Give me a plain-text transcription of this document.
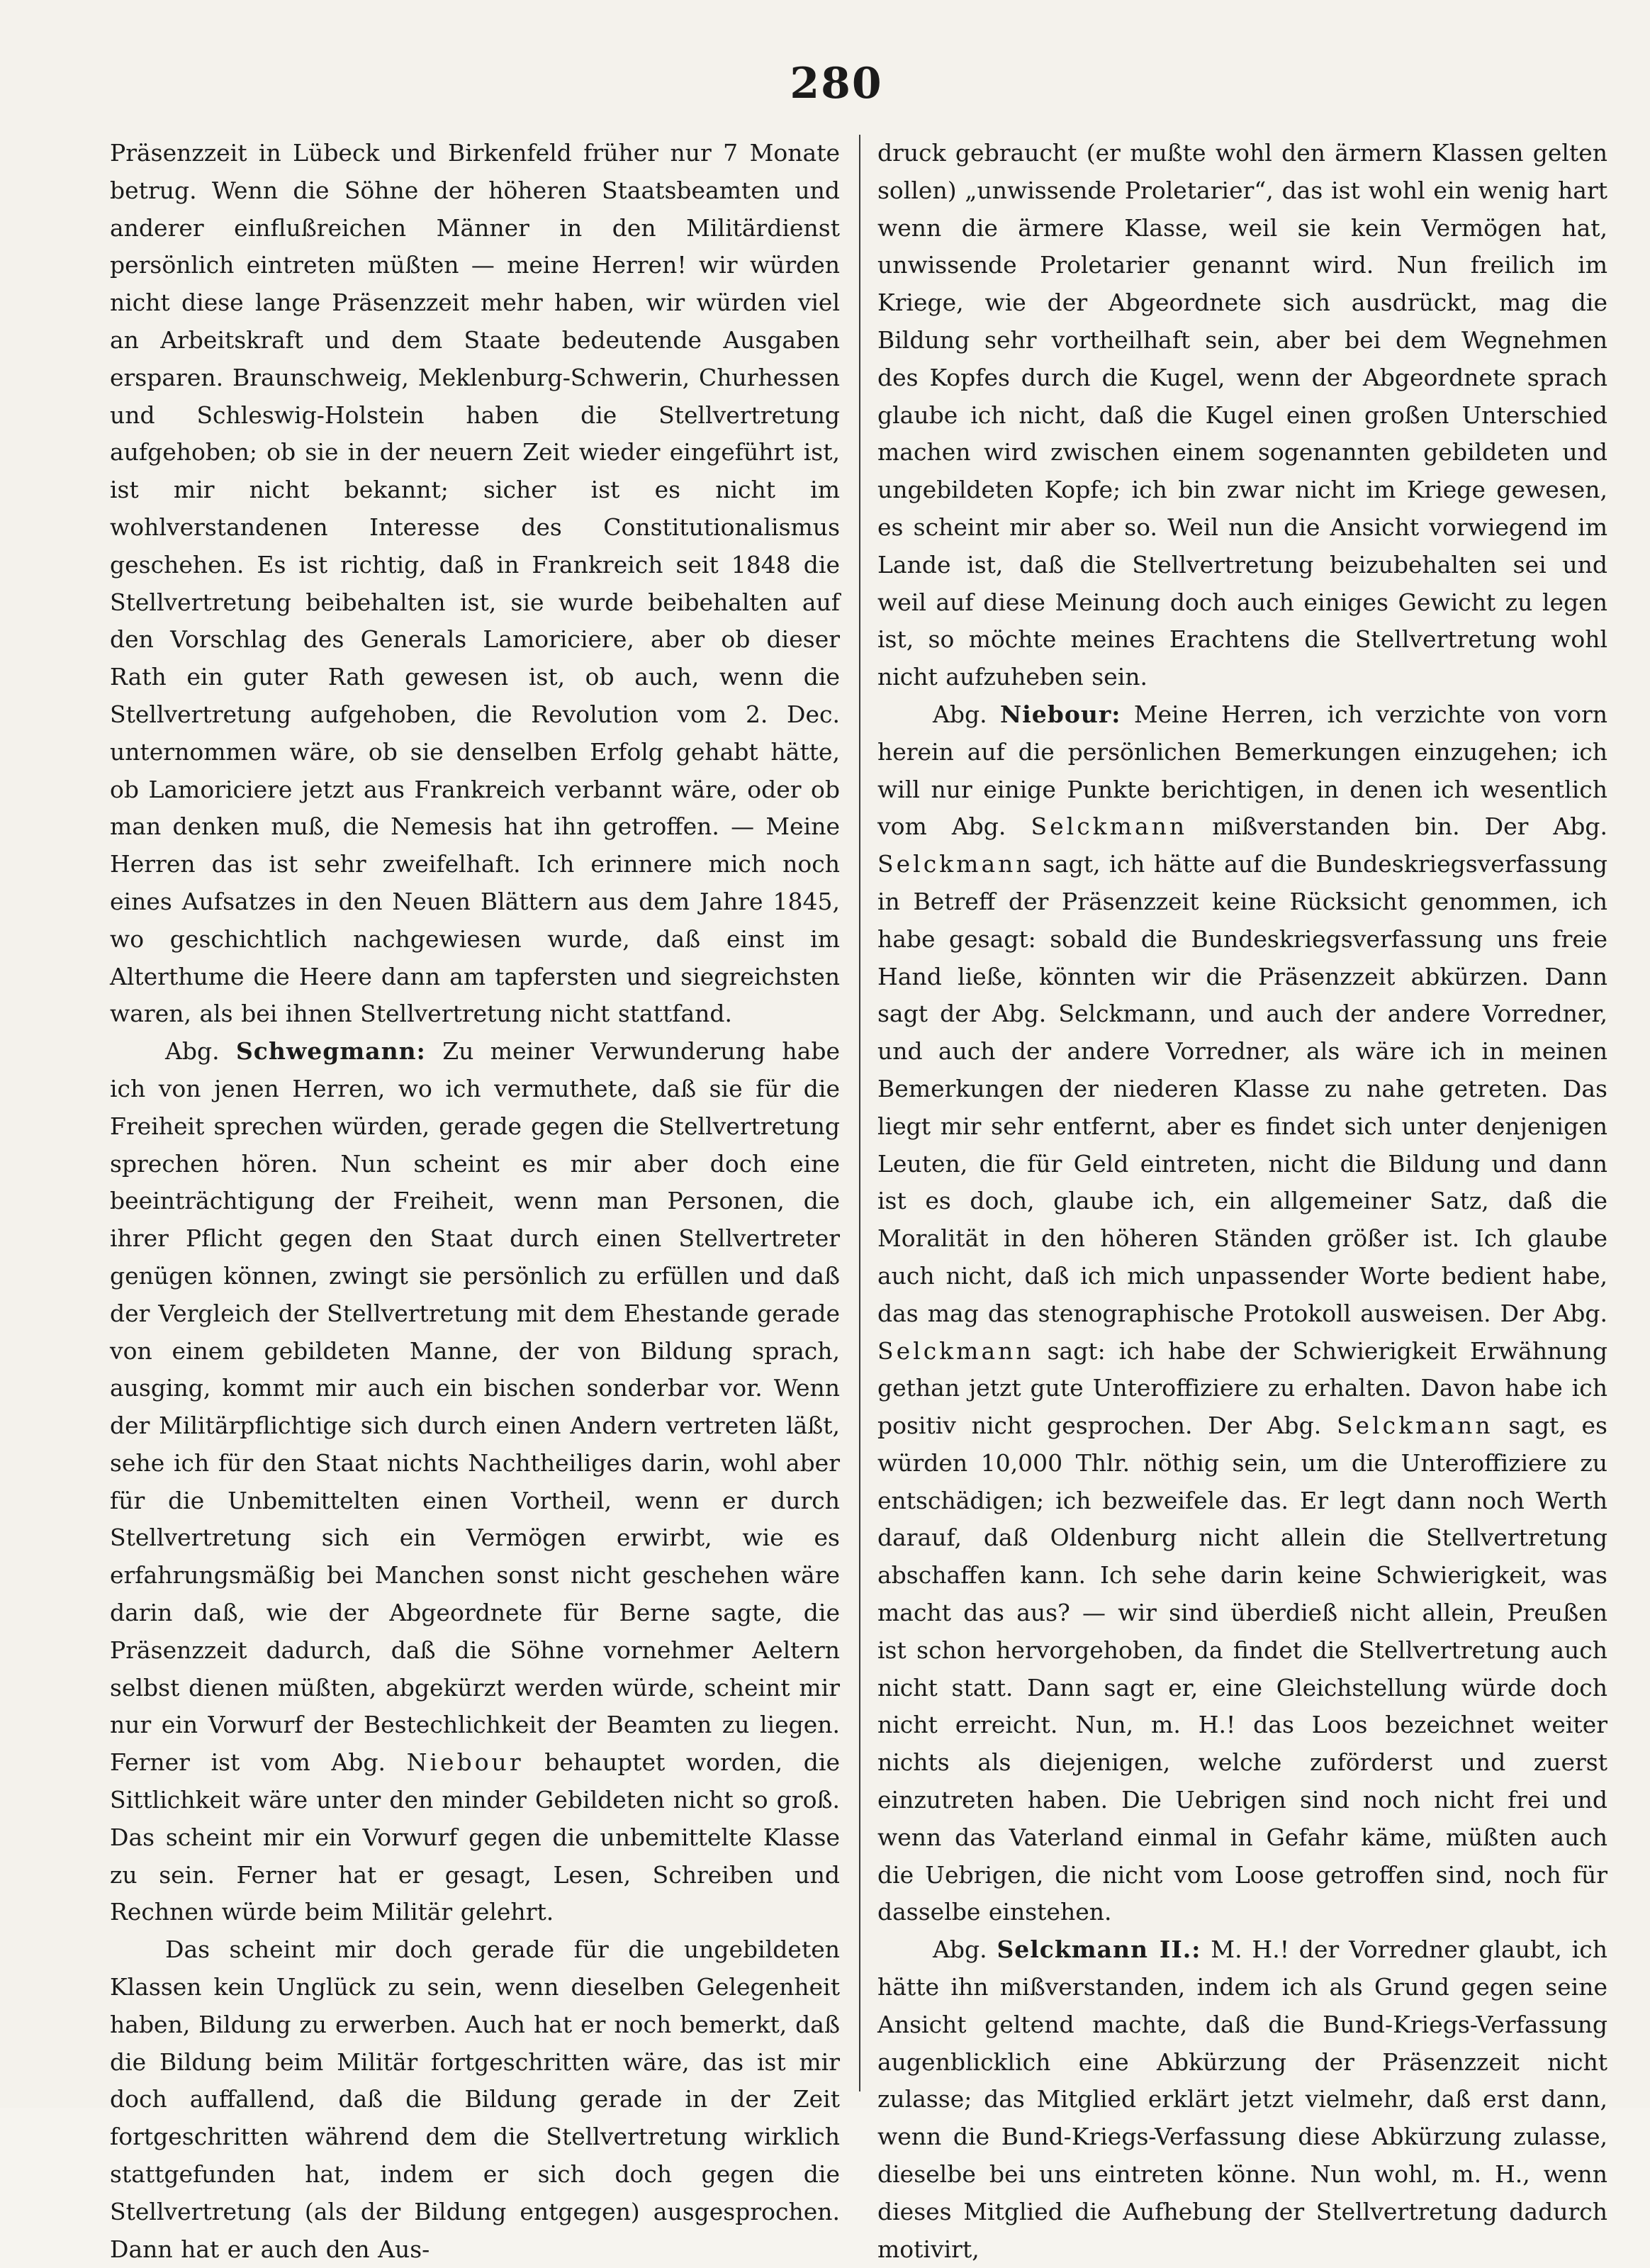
280

Präsenzzeit in Lübeck und Birkenfeld früher nur 7 Monate betrug. Wenn die Söhne der höheren Staatsbeamten und anderer einflußreichen Männer in den Militärdienst persönlich eintreten müßten — meine Herren! wir würden nicht diese lange Präsenzzeit mehr haben, wir würden viel an Arbeitskraft und dem Staate bedeutende Ausgaben ersparen. Braunschweig, Meklenburg-Schwerin, Churhessen und Schleswig-Holstein haben die Stellvertretung aufgehoben; ob sie in der neuern Zeit wieder eingeführt ist, ist mir nicht bekannt; sicher ist es nicht im wohlverstandenen Interesse des Constitutionalismus geschehen. Es ist richtig, daß in Frankreich seit 1848 die Stellvertretung beibehalten ist, sie wurde beibehalten auf den Vorschlag des Generals Lamoriciere, aber ob dieser Rath ein guter Rath gewesen ist, ob auch, wenn die Stellvertretung aufgehoben, die Revolution vom 2. Dec. unternommen wäre, ob sie denselben Erfolg gehabt hätte, ob Lamoriciere jetzt aus Frankreich verbannt wäre, oder ob man denken muß, die Nemesis hat ihn getroffen. — Meine Herren das ist sehr zweifelhaft. Ich erinnere mich noch eines Aufsatzes in den Neuen Blättern aus dem Jahre 1845, wo geschichtlich nachgewiesen wurde, daß einst im Alterthume die Heere dann am tapfersten und siegreichsten waren, als bei ihnen Stellvertretung nicht stattfand.

Abg. Schwegmann: Zu meiner Verwunderung habe ich von jenen Herren, wo ich vermuthete, daß sie für die Freiheit sprechen würden, gerade gegen die Stellvertretung sprechen hören. Nun scheint es mir aber doch eine beeinträchtigung der Freiheit, wenn man Personen, die ihrer Pflicht gegen den Staat durch einen Stellvertreter genügen können, zwingt sie persönlich zu erfüllen und daß der Vergleich der Stellvertretung mit dem Ehestande gerade von einem gebildeten Manne, der von Bildung sprach, ausging, kommt mir auch ein bischen sonderbar vor. Wenn der Militärpflichtige sich durch einen Andern vertreten läßt, sehe ich für den Staat nichts Nachtheiliges darin, wohl aber für die Unbemittelten einen Vortheil, wenn er durch Stellvertretung sich ein Vermögen erwirbt, wie es erfahrungsmäßig bei Manchen sonst nicht geschehen wäre darin daß, wie der Abgeordnete für Berne sagte, die Präsenzzeit dadurch, daß die Söhne vornehmer Aeltern selbst dienen müßten, abgekürzt werden würde, scheint mir nur ein Vorwurf der Bestechlichkeit der Beamten zu liegen. Ferner ist vom Abg. Niebour behauptet worden, die Sittlichkeit wäre unter den minder Gebildeten nicht so groß. Das scheint mir ein Vorwurf gegen die unbemittelte Klasse zu sein. Ferner hat er gesagt, Lesen, Schreiben und Rechnen würde beim Militär gelehrt.

Das scheint mir doch gerade für die ungebildeten Klassen kein Unglück zu sein, wenn dieselben Gelegenheit haben, Bildung zu erwerben. Auch hat er noch bemerkt, daß die Bildung beim Militär fortgeschritten wäre, das ist mir doch auffallend, daß die Bildung gerade in der Zeit fortgeschritten während dem die Stellvertretung wirklich stattgefunden hat, indem er sich doch gegen die Stellvertretung (als der Bildung entgegen) ausgesprochen. Dann hat er auch den Aus-

druck gebraucht (er mußte wohl den ärmern Klassen gelten sollen) „unwissende Proletarier“, das ist wohl ein wenig hart wenn die ärmere Klasse, weil sie kein Vermögen hat, unwissende Proletarier genannt wird. Nun freilich im Kriege, wie der Abgeordnete sich ausdrückt, mag die Bildung sehr vortheilhaft sein, aber bei dem Wegnehmen des Kopfes durch die Kugel, wenn der Abgeordnete sprach glaube ich nicht, daß die Kugel einen großen Unterschied machen wird zwischen einem sogenannten gebildeten und ungebildeten Kopfe; ich bin zwar nicht im Kriege gewesen, es scheint mir aber so. Weil nun die Ansicht vorwiegend im Lande ist, daß die Stellvertretung beizubehalten sei und weil auf diese Meinung doch auch einiges Gewicht zu legen ist, so möchte meines Erachtens die Stellvertretung wohl nicht aufzuheben sein.

Abg. Niebour: Meine Herren, ich verzichte von vorn herein auf die persönlichen Bemerkungen einzugehen; ich will nur einige Punkte berichtigen, in denen ich wesentlich vom Abg. Selckmann mißverstanden bin. Der Abg. Selckmann sagt, ich hätte auf die Bundeskriegsverfassung in Betreff der Präsenzzeit keine Rücksicht genommen, ich habe gesagt: sobald die Bundeskriegsverfassung uns freie Hand ließe, könnten wir die Präsenzzeit abkürzen. Dann sagt der Abg. Selckmann, und auch der andere Vorredner, und auch der andere Vorredner, als wäre ich in meinen Bemerkungen der niederen Klasse zu nahe getreten. Das liegt mir sehr entfernt, aber es findet sich unter denjenigen Leuten, die für Geld eintreten, nicht die Bildung und dann ist es doch, glaube ich, ein allgemeiner Satz, daß die Moralität in den höheren Ständen größer ist. Ich glaube auch nicht, daß ich mich unpassender Worte bedient habe, das mag das stenographische Protokoll ausweisen. Der Abg. Selckmann sagt: ich habe der Schwierigkeit Erwähnung gethan jetzt gute Unteroffiziere zu erhalten. Davon habe ich positiv nicht gesprochen. Der Abg. Selckmann sagt, es würden 10,000 Thlr. nöthig sein, um die Unteroffiziere zu entschädigen; ich bezweifele das. Er legt dann noch Werth darauf, daß Oldenburg nicht allein die Stellvertretung abschaffen kann. Ich sehe darin keine Schwierigkeit, was macht das aus? — wir sind überdieß nicht allein, Preußen ist schon hervorgehoben, da findet die Stellvertretung auch nicht statt. Dann sagt er, eine Gleichstellung würde doch nicht erreicht. Nun, m. H.! das Loos bezeichnet weiter nichts als diejenigen, welche zuförderst und zuerst einzutreten haben. Die Uebrigen sind noch nicht frei und wenn das Vaterland einmal in Gefahr käme, müßten auch die Uebrigen, die nicht vom Loose getroffen sind, noch für dasselbe einstehen.

Abg. Selckmann II.: M. H.! der Vorredner glaubt, ich hätte ihn mißverstanden, indem ich als Grund gegen seine Ansicht geltend machte, daß die Bund-Kriegs-Verfassung augenblicklich eine Abkürzung der Präsenzzeit nicht zulasse; das Mitglied erklärt jetzt vielmehr, daß erst dann, wenn die Bund-Kriegs-Verfassung diese Abkürzung zulasse, dieselbe bei uns eintreten könne. Nun wohl, m. H., wenn dieses Mitglied die Aufhebung der Stellvertretung dadurch motivirt,
